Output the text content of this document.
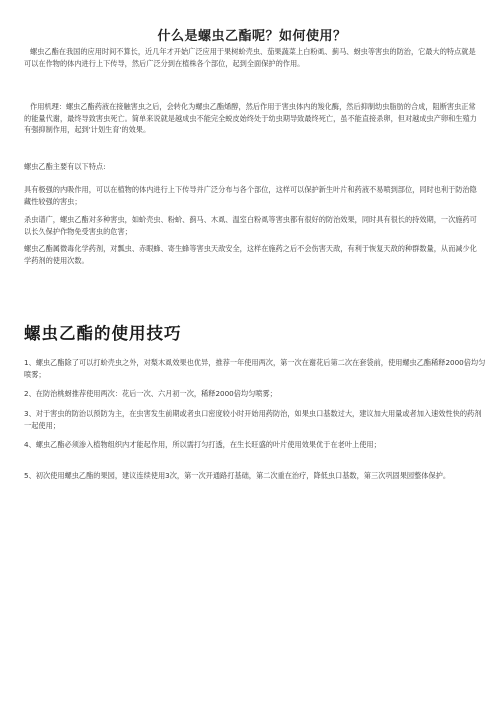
什么是螺虫乙酯呢？如何使用？

螺虫乙酯在我国的应用时间不算长，近几年才开始广泛应用于果树蚧壳虫、茄果蔬菜上白粉虱、蓟马、蚜虫等害虫的防治，它最大的特点就是可以在作物的体内进行上下传导，然后广泛分到在植株各个部位，起到全面保护的作用。

作用机理：螺虫乙酯药液在接触害虫之后，会转化为螺虫乙酯烯醇，然后作用于害虫体内的羧化酶，然后抑制幼虫脂肪的合成，阻断害虫正常的能量代谢，最终导致害虫死亡。简单来说就是越成虫不能完全蜕皮始终处于幼虫期导致最终死亡，虽不能直接杀卵，但对越成虫产卵和生殖力有强抑制作用，起到'计划生育'的效果。

螺虫乙酯主要有以下特点:

具有极强的内吸作用，可以在植物的体内进行上下传导并广泛分布与各个部位，这样可以保护新生叶片和药液不易喷到部位，同时也利于防治隐藏性较强的害虫；

杀虫谱广，螺虫乙酯对多种害虫，如蚧壳虫、粉蚧、蓟马、木虱、温室白粉虱等害虫都有很好的防治效果，同时具有很长的持效期，一次施药可以长久保护作物免受害虫的危害；

螺虫乙酯属微毒化学药剂，对瓢虫、赤眼蜂、寄生蜂等害虫天敌安全，这样在施药之后不会伤害天敌，有利于恢复天敌的种群数量，从而减少化学药剂的使用次数。

螺虫乙酯的使用技巧

1、螺虫乙酯除了可以打蚧壳虫之外，对梨木虱效果也优异，推荐一年使用两次，第一次在谢花后第二次在套袋前，使用螺虫乙酯稀释2000倍均匀喷雾；

2、在防治桃蚜推荐使用两次：花后一次、六月初一次，稀释2000倍均匀喷雾；

3、对于害虫的防治以预防为主，在虫害发生前期或者虫口密度较小时开始用药防治，如果虫口基数过大，建议加大用量或者加入速效性快的药剂一起使用；

4、螺虫乙酯必须渗入植物组织内才能起作用，所以需打匀打透，在生长旺盛的叶片使用效果优于在老叶上使用；

5、初次使用螺虫乙酯的果园，建议连续使用3次，第一次开通路打基础，第二次重在治疗，降低虫口基数，第三次巩固果园整体保护。
